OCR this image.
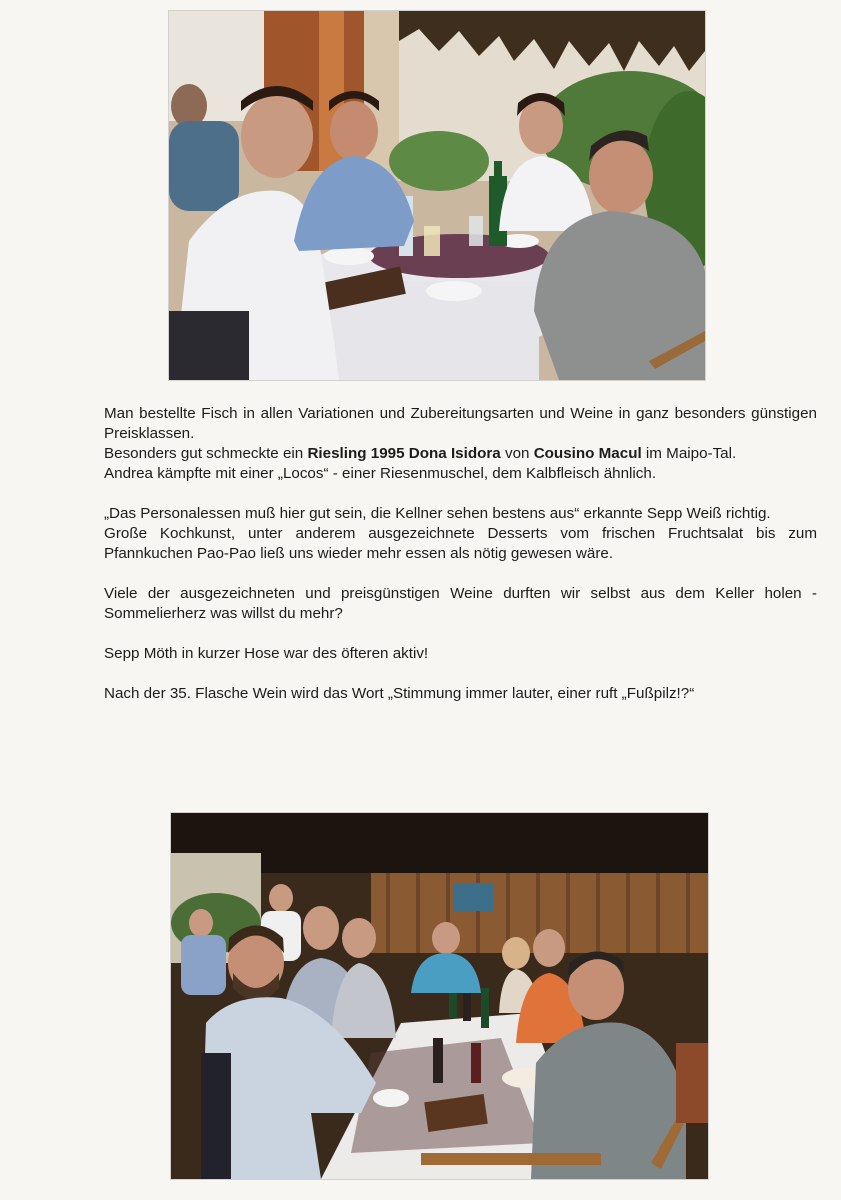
Man bestellte Fisch in allen Variationen und Zubereitungsarten und Weine in ganz besonders günstigen Preisklassen.

Besonders gut schmeckte ein Riesling 1995 Dona Isidora von Cousino Macul im Maipo-Tal.

Andrea kämpfte mit einer „Locos“ - einer Riesenmuschel, dem Kalbfleisch ähnlich.

„Das Personalessen muß hier gut sein, die Kellner sehen bestens aus“ erkannte Sepp Weiß richtig.

Große Kochkunst, unter anderem ausgezeichnete Desserts vom frischen Fruchtsalat bis zum Pfannkuchen Pao-Pao ließ uns wieder mehr essen als nötig gewesen wäre.

Viele der ausgezeichneten und preisgünstigen Weine durften wir selbst aus dem Keller holen - Sommelierherz was willst du mehr?

Sepp Möth in kurzer Hose war des öfteren aktiv!

Nach der 35. Flasche Wein wird das Wort „Stimmung immer lauter, einer ruft „Fußpilz!?“
